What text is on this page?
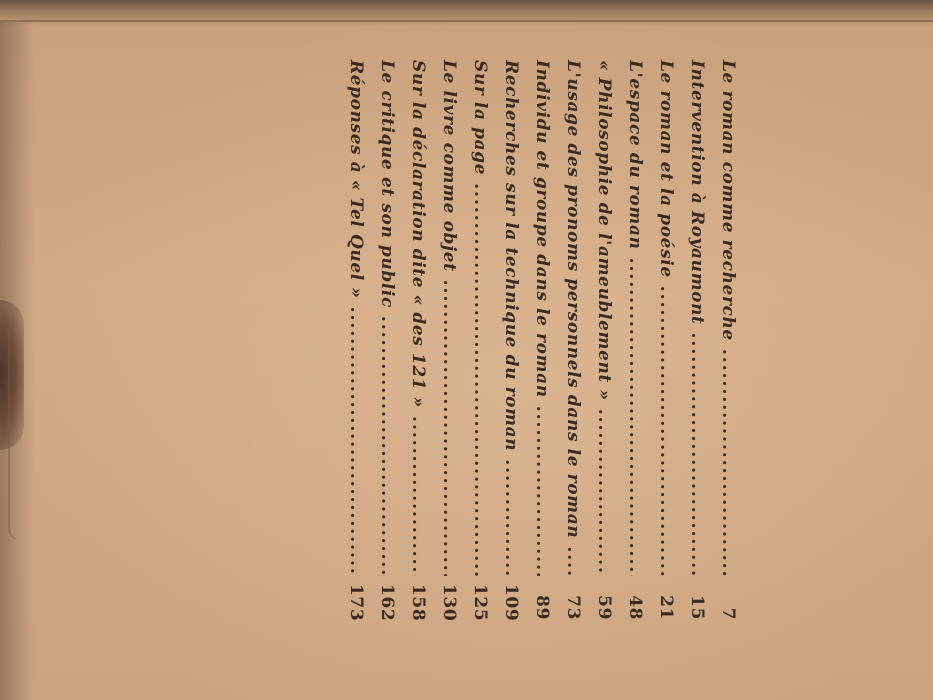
Le roman comme recherche
.....
7
Intervention à Royaumont
.....
15
Le roman et la poésie
.....
21
L'espace du roman
.....
48
« Philosophie de l'ameublement »
.....
59
L'usage des pronoms personnels dans le roman
.....
73
Individu et groupe dans le roman
.....
89
Recherches sur la technique du roman
.....
109
Sur la page
.....
125
Le livre comme objet
.....
130
Sur la déclaration dite « des 121 »
.....
158
Le critique et son public
.....
162
Réponses à « Tel Quel »
.....
173
